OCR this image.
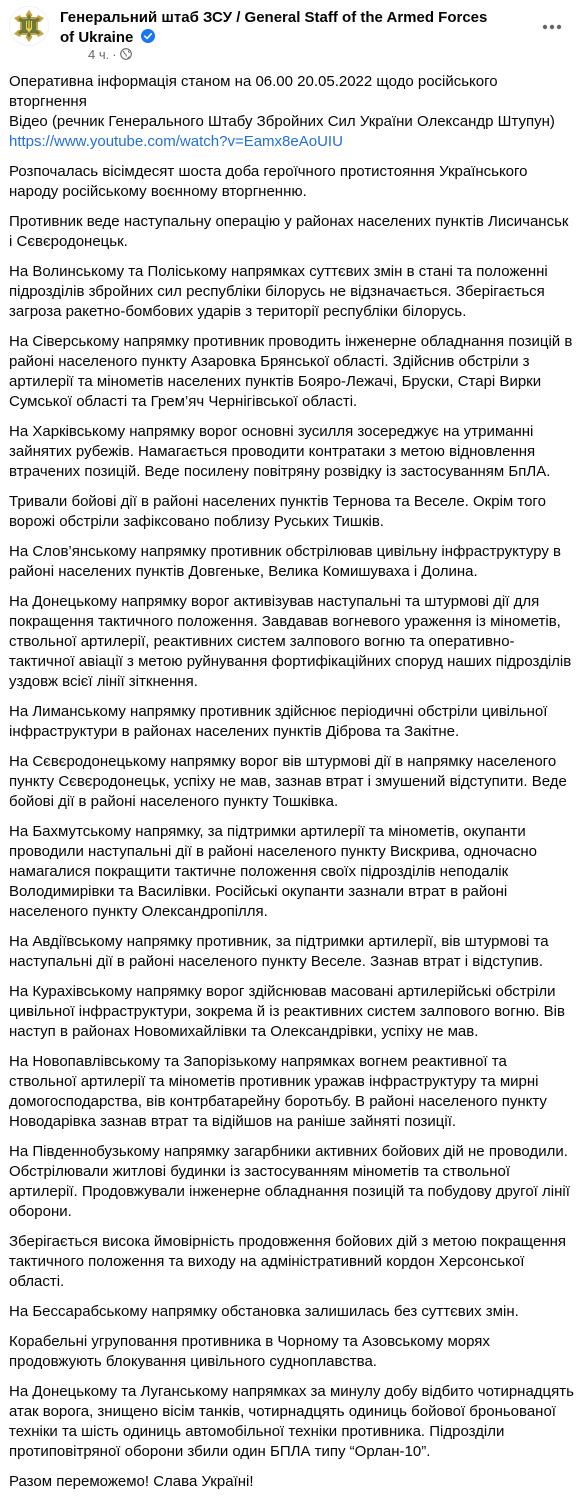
Генеральний штаб ЗСУ / General Staff of the Armed Forces of Ukraine
4 ч. ·

Оперативна інформація станом на 06.00 20.05.2022 щодо російського вторгнення
Відео (речник Генерального Штабу Збройних Сил України Олександр Штупун)
https://www.youtube.com/watch?v=Eamx8eAoUIU

Розпочалась вісімдесят шоста доба героїчного протистояння Українського народу російському воєнному вторгненню.

Противник веде наступальну операцію у районах населених пунктів Лисичанськ і Сєвєродонецьк.

На Волинському та Поліському напрямках суттєвих змін в стані та положенні підрозділів збройних сил республіки білорусь не відзначається. Зберігається загроза ракетно-бомбових ударів з території республіки білорусь.

На Сіверському напрямку противник проводить інженерне обладнання позицій в районі населеного пункту Азаровка Брянської області. Здійснив обстріли з артилерії та мінометів населених пунктів Бояро-Лежачі, Бруски, Старі Вирки Сумської області та Грем’яч Чернігівської області.

На Харківському напрямку ворог основні зусилля зосереджує на утриманні зайнятих рубежів. Намагається проводити контратаки з метою відновлення втрачених позицій. Веде посилену повітряну розвідку із застосуванням БпЛА.

Тривали бойові дії в районі населених пунктів Тернова та Веселе. Окрім того ворожі обстріли зафіксовано поблизу Руських Тишків.

На Слов’янському напрямку противник обстрілював цивільну інфраструктуру в районі населених пунктів Довгеньке, Велика Комишуваха і Долина.

На Донецькому напрямку ворог активізував наступальні та штурмові дії для покращення тактичного положення. Завдавав вогневого ураження із мінометів, ствольної артилерії, реактивних систем залпового вогню та оперативно-тактичної авіації з метою руйнування фортифікаційних споруд наших підрозділів уздовж всієї лінії зіткнення.

На Лиманському напрямку противник здійснює періодичні обстріли цивільної інфраструктури в районах населених пунктів Діброва та Закітне.

На Сєвєродонецькому напрямку ворог вів штурмові дії в напрямку населеного пункту Сєвєродонецьк, успіху не мав, зазнав втрат і змушений відступити. Веде бойові дії в районі населеного пункту Тошківка.

На Бахмутському напрямку, за підтримки артилерії та мінометів, окупанти проводили наступальні дії в районі населеного пункту Вискрива, одночасно намагалися покращити тактичне положення своїх підрозділів неподалік Володимирівки та Василівки. Російські окупанти зазнали втрат в районі населеного пункту Олександропілля.

На Авдіївському напрямку противник, за підтримки артилерії, вів штурмові та наступальні дії в районі населеного пункту Веселе. Зазнав втрат і відступив.

На Курахівському напрямку ворог здійснював масовані артилерійські обстріли цивільної інфраструктури, зокрема й із реактивних систем залпового вогню. Вів наступ в районах Новомихайлівки та Олександрівки, успіху не мав.

На Новопавлівському та Запорізькому напрямках вогнем реактивної та ствольної артилерії та мінометів противник уражав інфраструктуру та мирні домогосподарства, вів контрбатарейну боротьбу. В районі населеного пункту Новодарівка зазнав втрат та відійшов на раніше зайняті позиції.

На Південнобузькому напрямку загарбники активних бойових дій не проводили. Обстрілювали житлові будинки із застосуванням мінометів та ствольної артилерії. Продовжували інженерне обладнання позицій та побудову другої лінії оборони.

Зберігається висока ймовірність продовження бойових дій з метою покращення тактичного положення та виходу на адміністративний кордон Херсонської області.

На Бессарабському напрямку обстановка залишилась без суттєвих змін.

Корабельні угруповання противника в Чорному та Азовському морях продовжують блокування цивільного судноплавства.

На Донецькому та Луганському напрямках за минулу добу відбито чотирнадцять атак ворога, знищено вісім танків, чотирнадцять одиниць бойової броньованої техніки та шість одиниць автомобільної техніки противника. Підрозділи протиповітряної оборони збили один БПЛА типу “Орлан-10”.

Разом переможемо! Слава Україні!
